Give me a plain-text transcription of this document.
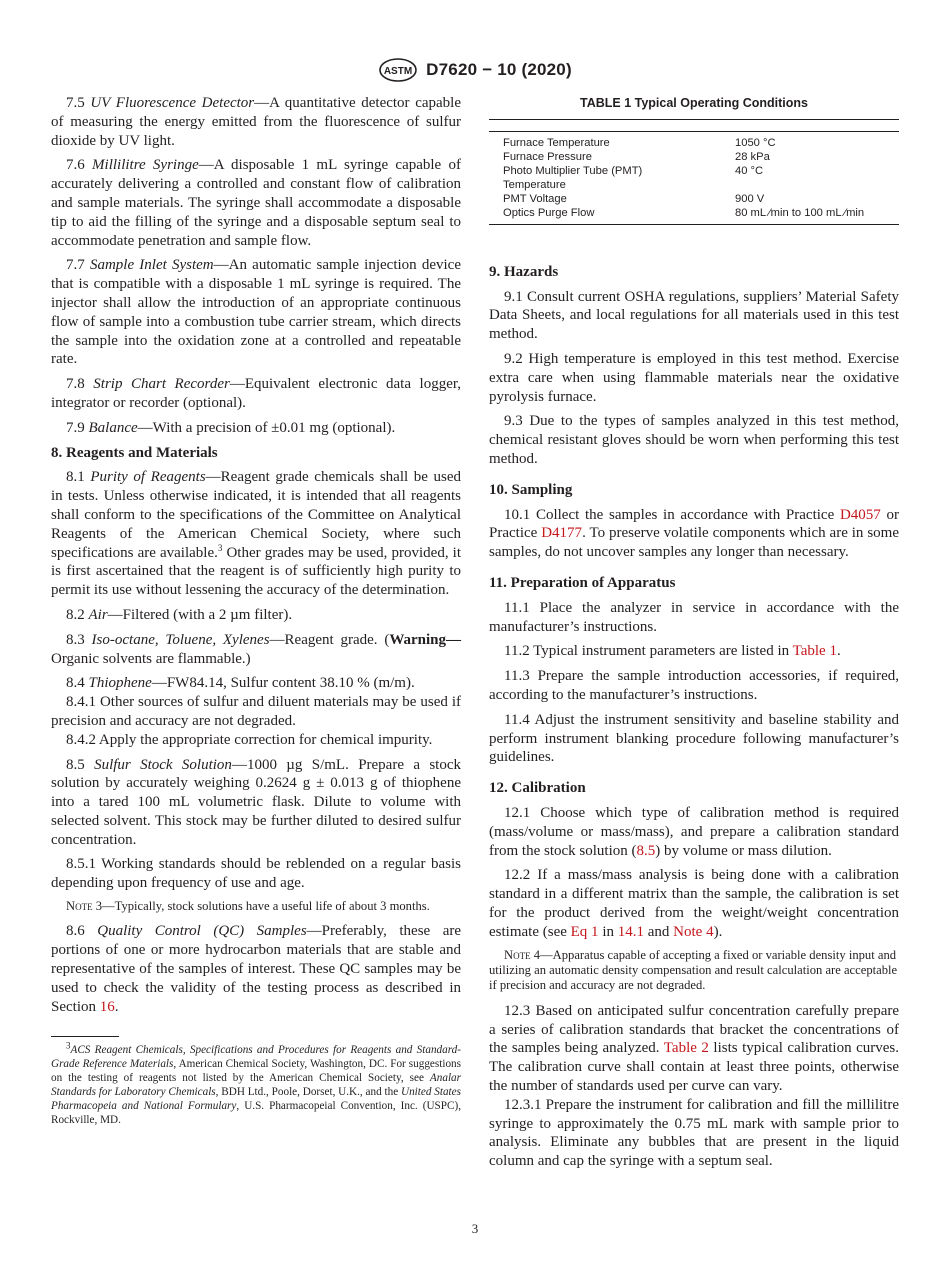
ASTM D7620 − 10 (2020)

7.5 UV Fluorescence Detector—A quantitative detector capable of measuring the energy emitted from the fluorescence of sulfur dioxide by UV light.

7.6 Millilitre Syringe—A disposable 1 mL syringe capable of accurately delivering a controlled and constant flow of calibration and sample materials. The syringe shall accommodate a disposable tip to aid the filling of the syringe and a disposable septum seal to accommodate penetration and sample flow.

7.7 Sample Inlet System—An automatic sample injection device that is compatible with a disposable 1 mL syringe is required. The injector shall allow the introduction of an appropriate continuous flow of sample into a combustion tube carrier stream, which directs the sample into the oxidation zone at a controlled and repeatable rate.

7.8 Strip Chart Recorder—Equivalent electronic data logger, integrator or recorder (optional).

7.9 Balance—With a precision of ±0.01 mg (optional).

8. Reagents and Materials

8.1 Purity of Reagents—Reagent grade chemicals shall be used in tests. Unless otherwise indicated, it is intended that all reagents shall conform to the specifications of the Committee on Analytical Reagents of the American Chemical Society, where such specifications are available.$^3$ Other grades may be used, provided, it is first ascertained that the reagent is of sufficiently high purity to permit its use without lessening the accuracy of the determination.

8.2 Air—Filtered (with a 2 µm filter).

8.3 Iso-octane, Toluene, Xylenes—Reagent grade. (Warning—Organic solvents are flammable.)

8.4 Thiophene—FW84.14, Sulfur content 38.10 % (m/m).

8.4.1 Other sources of sulfur and diluent materials may be used if precision and accuracy are not degraded.

8.4.2 Apply the appropriate correction for chemical impurity.

8.5 Sulfur Stock Solution—1000 µg S/mL. Prepare a stock solution by accurately weighing 0.2624 g ± 0.013 g of thiophene into a tared 100 mL volumetric flask. Dilute to volume with selected solvent. This stock may be further diluted to desired sulfur concentration.

8.5.1 Working standards should be reblended on a regular basis depending upon frequency of use and age.

Note 3—Typically, stock solutions have a useful life of about 3 months.

8.6 Quality Control (QC) Samples—Preferably, these are portions of one or more hydrocarbon materials that are stable and representative of the samples of interest. These QC samples may be used to check the validity of the testing process as described in Section 16.

$^3$ACS Reagent Chemicals, Specifications and Procedures for Reagents and Standard-Grade Reference Materials, American Chemical Society, Washington, DC. For suggestions on the testing of reagents not listed by the American Chemical Society, see Analar Standards for Laboratory Chemicals, BDH Ltd., Poole, Dorset, U.K., and the United States Pharmacopeia and National Formulary, U.S. Pharmacopeial Convention, Inc. (USPC), Rockville, MD.

TABLE 1 Typical Operating Conditions

Furnace Temperature	1050 °C
Furnace Pressure	28 kPa
Photo Multiplier Tube (PMT)	40 °C
Temperature	
PMT Voltage	900 V
Optics Purge Flow	80 mL ⁄min to 100 mL ⁄min
9. Hazards

9.1 Consult current OSHA regulations, suppliers’ Material Safety Data Sheets, and local regulations for all materials used in this test method.

9.2 High temperature is employed in this test method. Exercise extra care when using flammable materials near the oxidative pyrolysis furnace.

9.3 Due to the types of samples analyzed in this test method, chemical resistant gloves should be worn when performing this test method.

10. Sampling

10.1 Collect the samples in accordance with Practice D4057 or Practice D4177. To preserve volatile components which are in some samples, do not uncover samples any longer than necessary.

11. Preparation of Apparatus

11.1 Place the analyzer in service in accordance with the manufacturer’s instructions.

11.2 Typical instrument parameters are listed in Table 1.

11.3 Prepare the sample introduction accessories, if required, according to the manufacturer’s instructions.

11.4 Adjust the instrument sensitivity and baseline stability and perform instrument blanking procedure following manufacturer’s guidelines.

12. Calibration

12.1 Choose which type of calibration method is required (mass/volume or mass/mass), and prepare a calibration standard from the stock solution (8.5) by volume or mass dilution.

12.2 If a mass/mass analysis is being done with a calibration standard in a different matrix than the sample, the calibration is set for the product derived from the weight/weight concentration estimate (see Eq 1 in 14.1 and Note 4).

Note 4—Apparatus capable of accepting a fixed or variable density input and utilizing an automatic density compensation and result calculation are acceptable if precision and accuracy are not degraded.

12.3 Based on anticipated sulfur concentration carefully prepare a series of calibration standards that bracket the concentrations of the samples being analyzed. Table 2 lists typical calibration curves. The calibration curve shall contain at least three points, otherwise the number of standards used per curve can vary.

12.3.1 Prepare the instrument for calibration and fill the millilitre syringe to approximately the 0.75 mL mark with sample prior to analysis. Eliminate any bubbles that are present in the liquid column and cap the syringe with a septum seal.

3
